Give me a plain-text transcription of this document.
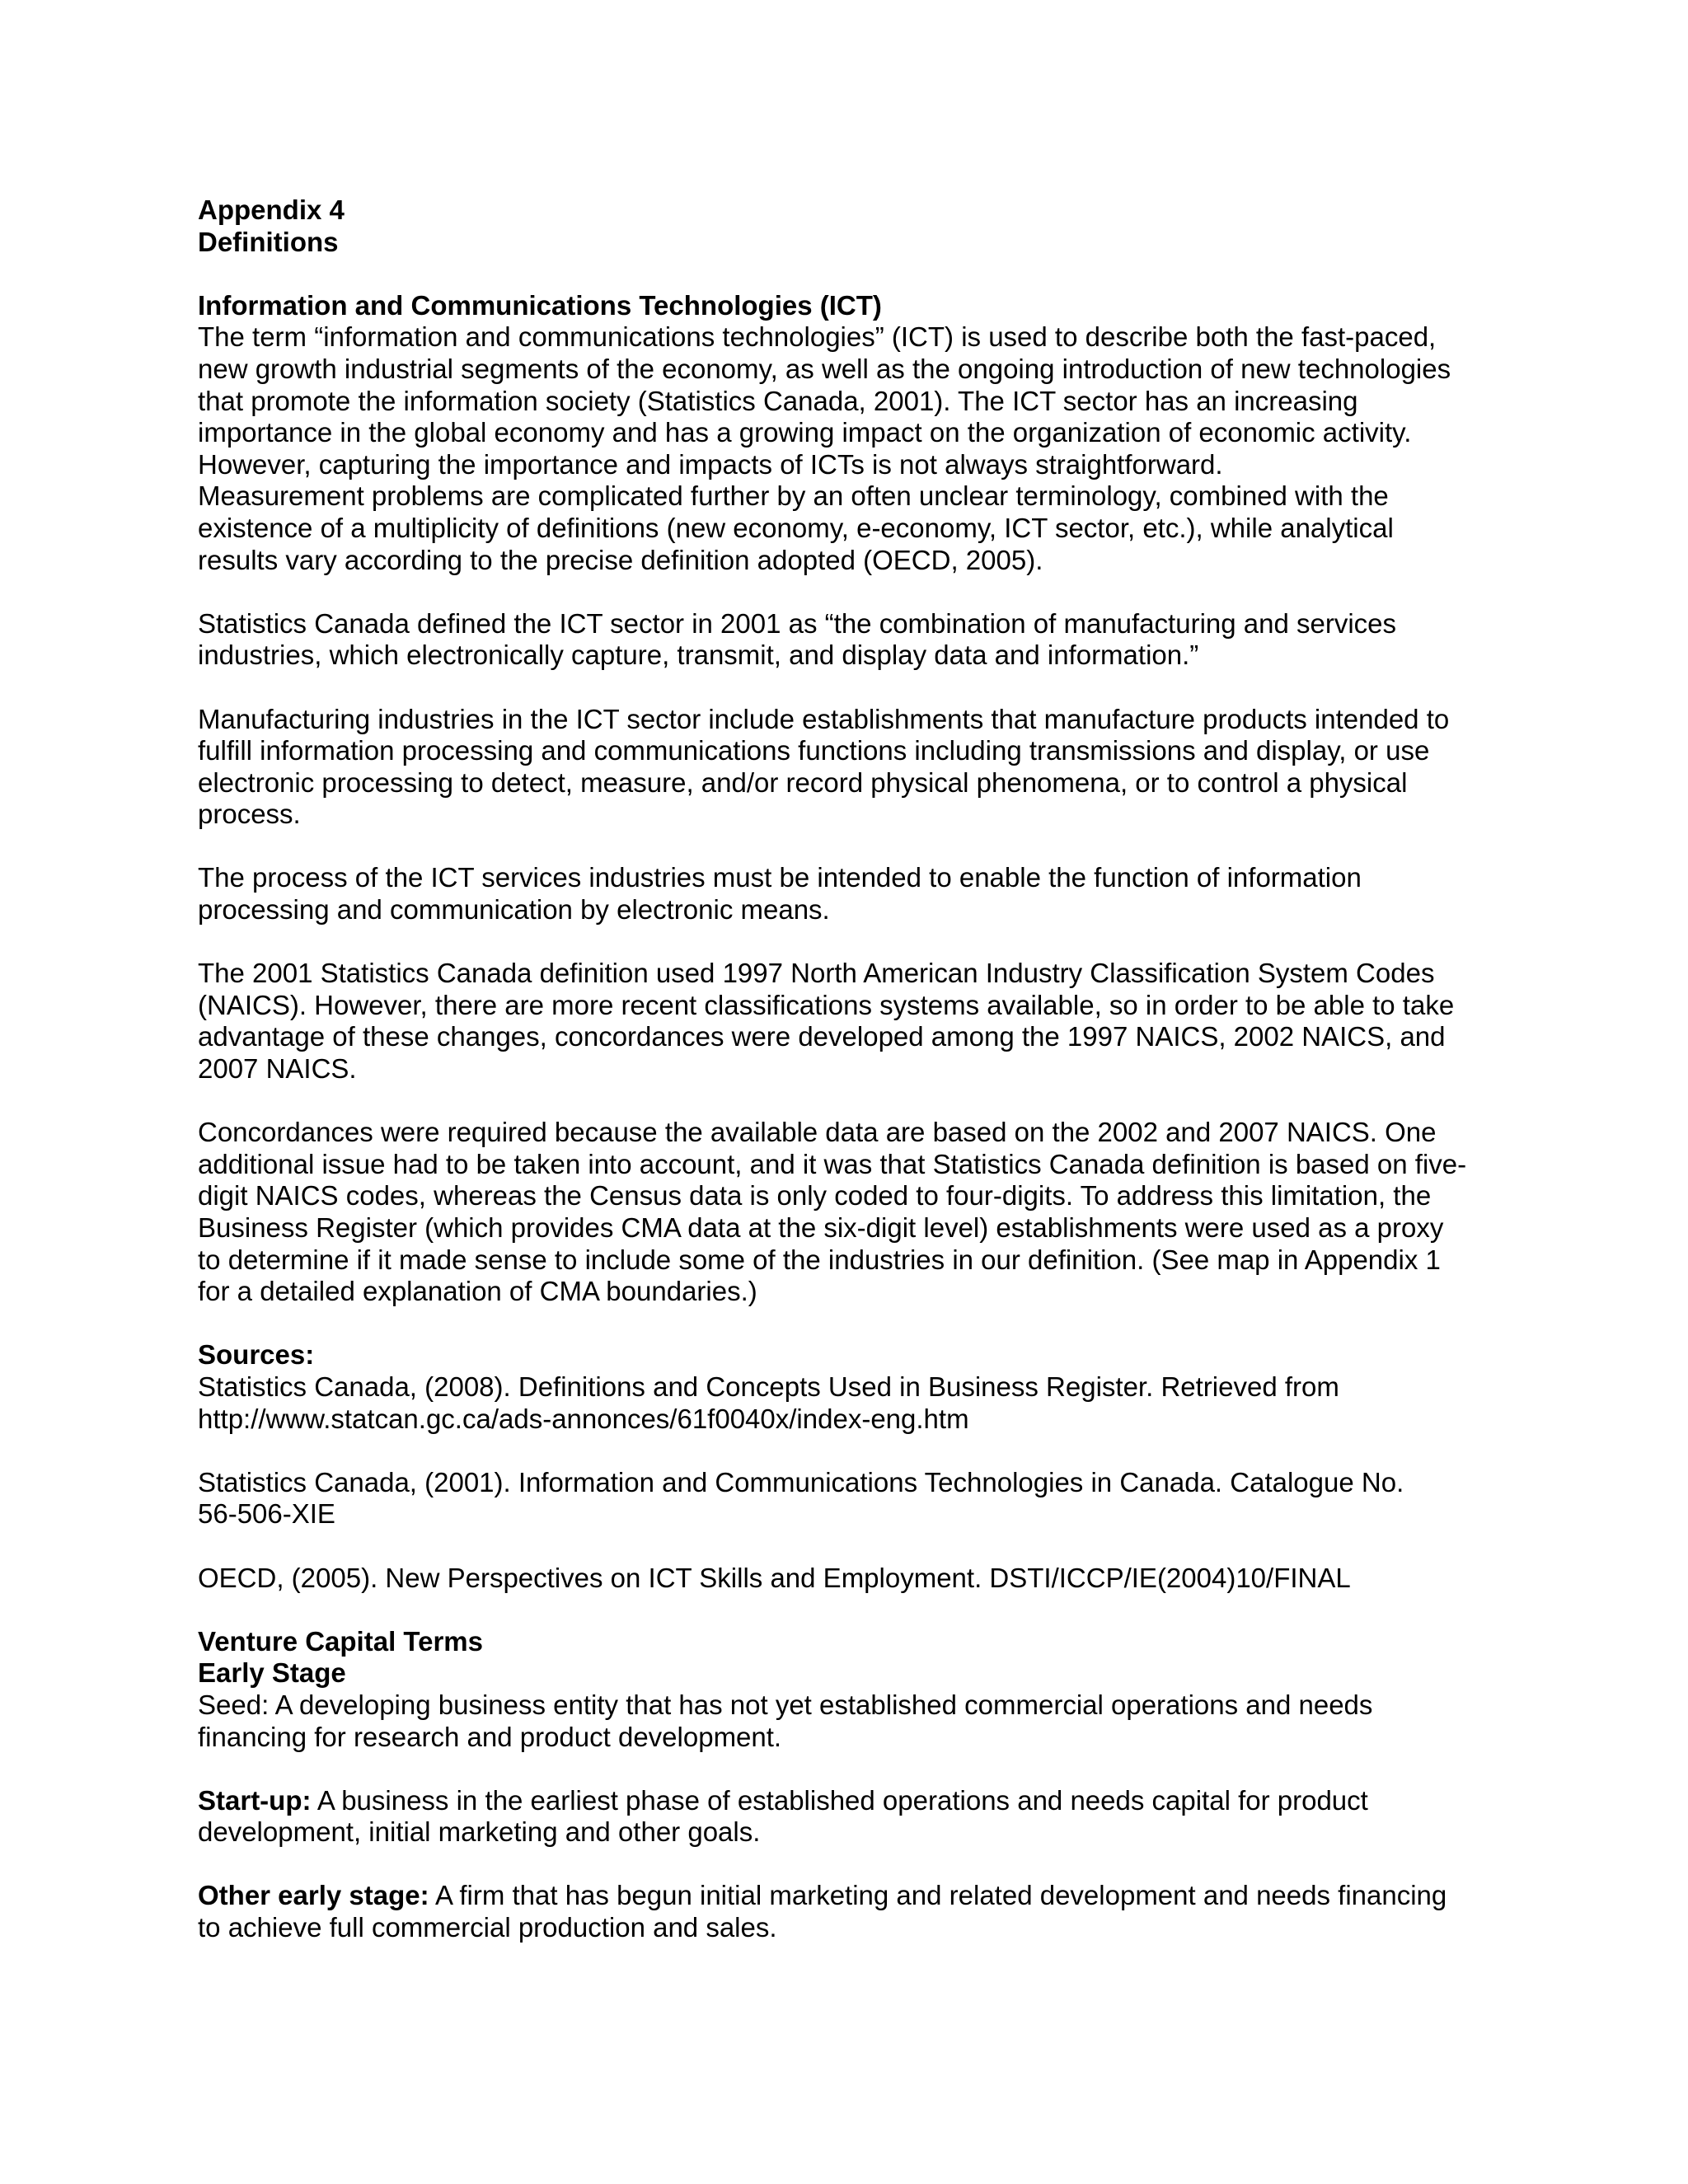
Appendix 4
Definitions
Information and Communications Technologies (ICT)
The term “information and communications technologies” (ICT) is used to describe both the fast-paced,
new growth industrial segments of the economy, as well as the ongoing introduction of new technologies
that promote the information society (Statistics Canada, 2001). The ICT sector has an increasing
importance in the global economy and has a growing impact on the organization of economic activity.
However, capturing the importance and impacts of ICTs is not always straightforward.
Measurement problems are complicated further by an often unclear terminology, combined with the
existence of a multiplicity of definitions (new economy, e-economy, ICT sector, etc.), while analytical
results vary according to the precise definition adopted (OECD, 2005).
Statistics Canada defined the ICT sector in 2001 as “the combination of manufacturing and services
industries, which electronically capture, transmit, and display data and information.”
Manufacturing industries in the ICT sector include establishments that manufacture products intended to
fulfill information processing and communications functions including transmissions and display, or use
electronic processing to detect, measure, and/or record physical phenomena, or to control a physical
process.
The process of the ICT services industries must be intended to enable the function of information
processing and communication by electronic means.
The 2001 Statistics Canada definition used 1997 North American Industry Classification System Codes
(NAICS). However, there are more recent classifications systems available, so in order to be able to take
advantage of these changes, concordances were developed among the 1997 NAICS, 2002 NAICS, and
2007 NAICS.
Concordances were required because the available data are based on the 2002 and 2007 NAICS. One
additional issue had to be taken into account, and it was that Statistics Canada definition is based on five-
digit NAICS codes, whereas the Census data is only coded to four-digits. To address this limitation, the
Business Register (which provides CMA data at the six-digit level) establishments were used as a proxy
to determine if it made sense to include some of the industries in our definition. (See map in Appendix 1
for a detailed explanation of CMA boundaries.)
Sources:
Statistics Canada, (2008). Definitions and Concepts Used in Business Register. Retrieved from
http://www.statcan.gc.ca/ads-annonces/61f0040x/index-eng.htm
Statistics Canada, (2001). Information and Communications Technologies in Canada. Catalogue No.
56-506-XIE
OECD, (2005). New Perspectives on ICT Skills and Employment. DSTI/ICCP/IE(2004)10/FINAL
Venture Capital Terms
Early Stage
Seed: A developing business entity that has not yet established commercial operations and needs
financing for research and product development.
Start-up: A business in the earliest phase of established operations and needs capital for product
development, initial marketing and other goals.
Other early stage: A firm that has begun initial marketing and related development and needs financing
to achieve full commercial production and sales.
